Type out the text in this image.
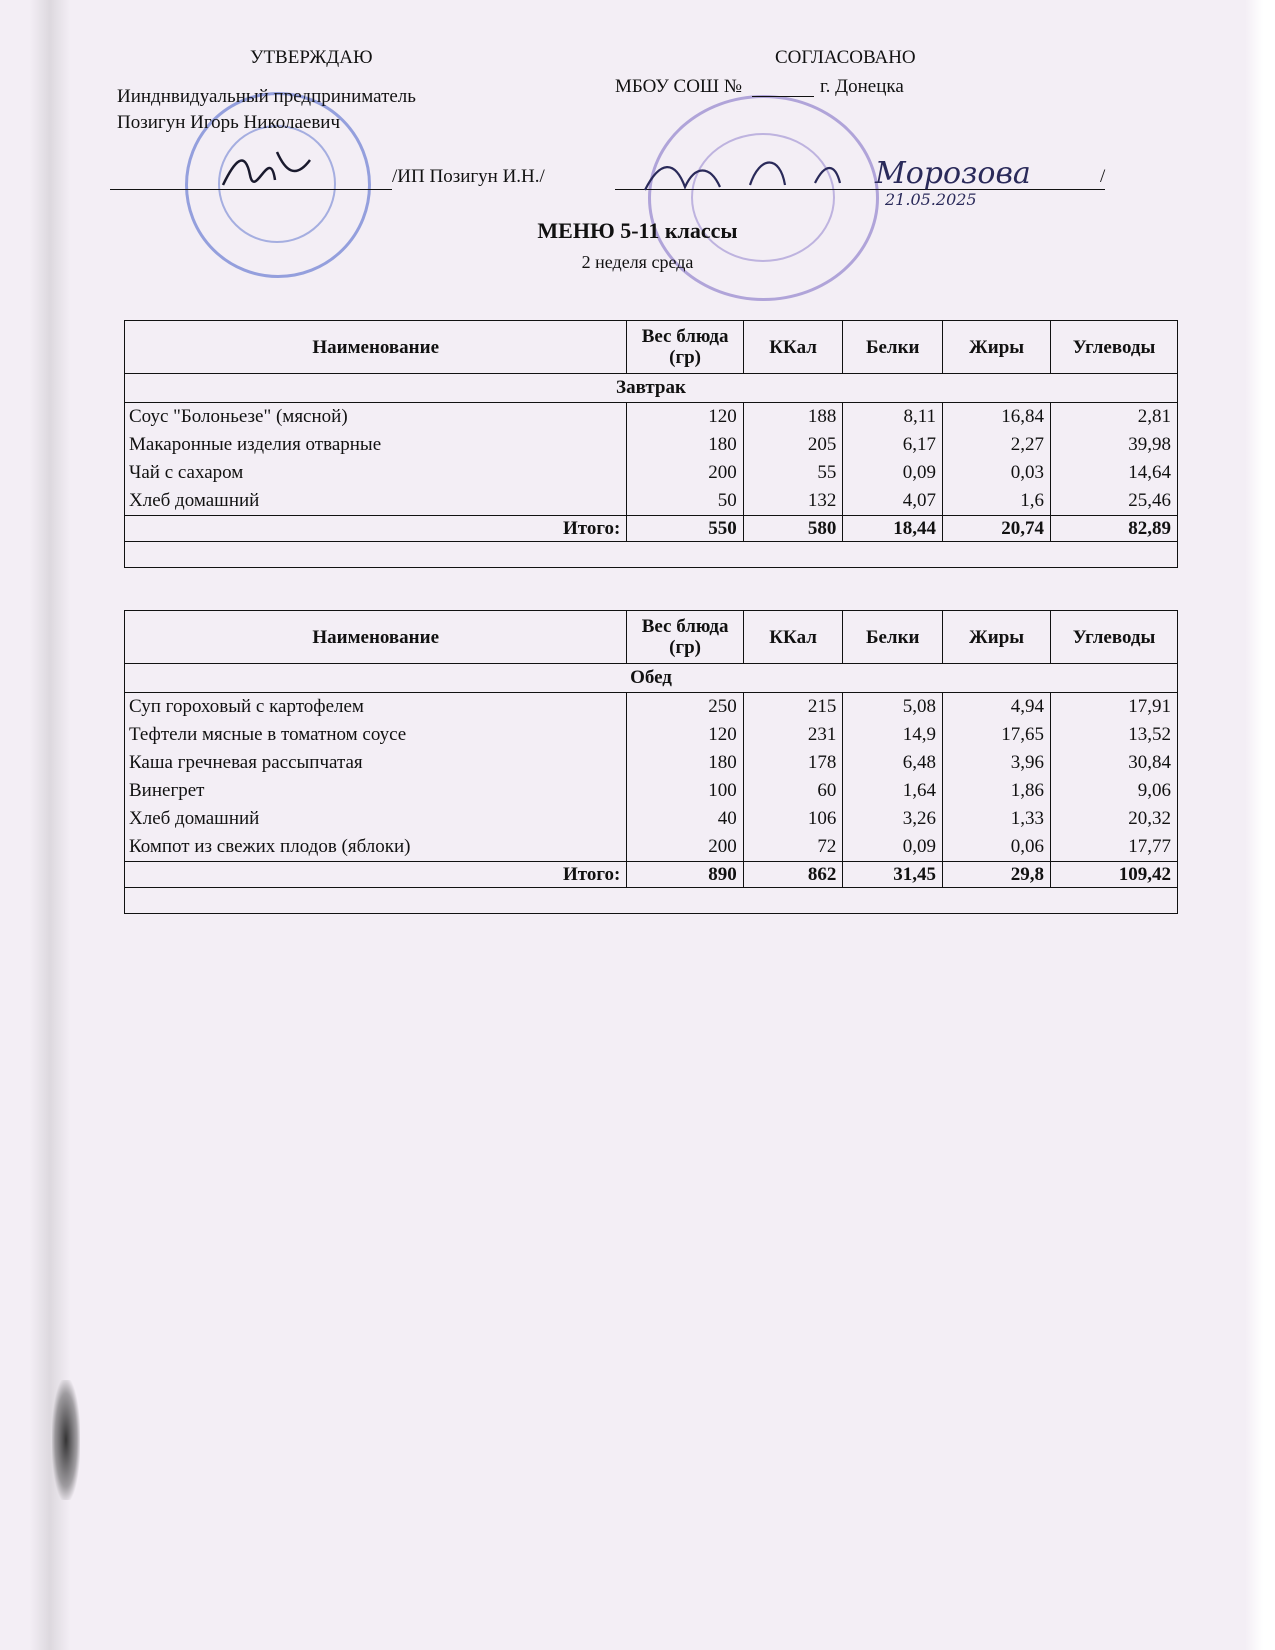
УТВЕРЖДАЮ
Иинднвидуальный предприниматель
Позигун Игорь Николаевич
/ИП Позигун И.Н./
СОГЛАСОВАНО
МБОУ СОШ №	г. Донецка
Морозова
21.05.2025
/
МЕНЮ 5-11 классы
2 неделя среда
Наименование	Вес блюда (гр)	ККал	Белки	Жиры	Углеводы
Завтрак					
Соус "Болоньезе" (мясной)	120	188	8,11	16,84	2,81
Макаронные изделия отварные	180	205	6,17	2,27	39,98
Чай с сахаром	200	55	0,09	0,03	14,64
Хлеб домашний	50	132	4,07	1,6	25,46
Итого:	550	580	18,44	20,74	82,89

Наименование	Вес блюда (гр)	ККал	Белки	Жиры	Углеводы
Обед					
Суп гороховый с картофелем	250	215	5,08	4,94	17,91
Тефтели мясные в томатном соусе	120	231	14,9	17,65	13,52
Каша гречневая рассыпчатая	180	178	6,48	3,96	30,84
Винегрет	100	60	1,64	1,86	9,06
Хлеб домашний	40	106	3,26	1,33	20,32
Компот из свежих плодов (яблоки)	200	72	0,09	0,06	17,77
Итого:	890	862	31,45	29,8	109,42
